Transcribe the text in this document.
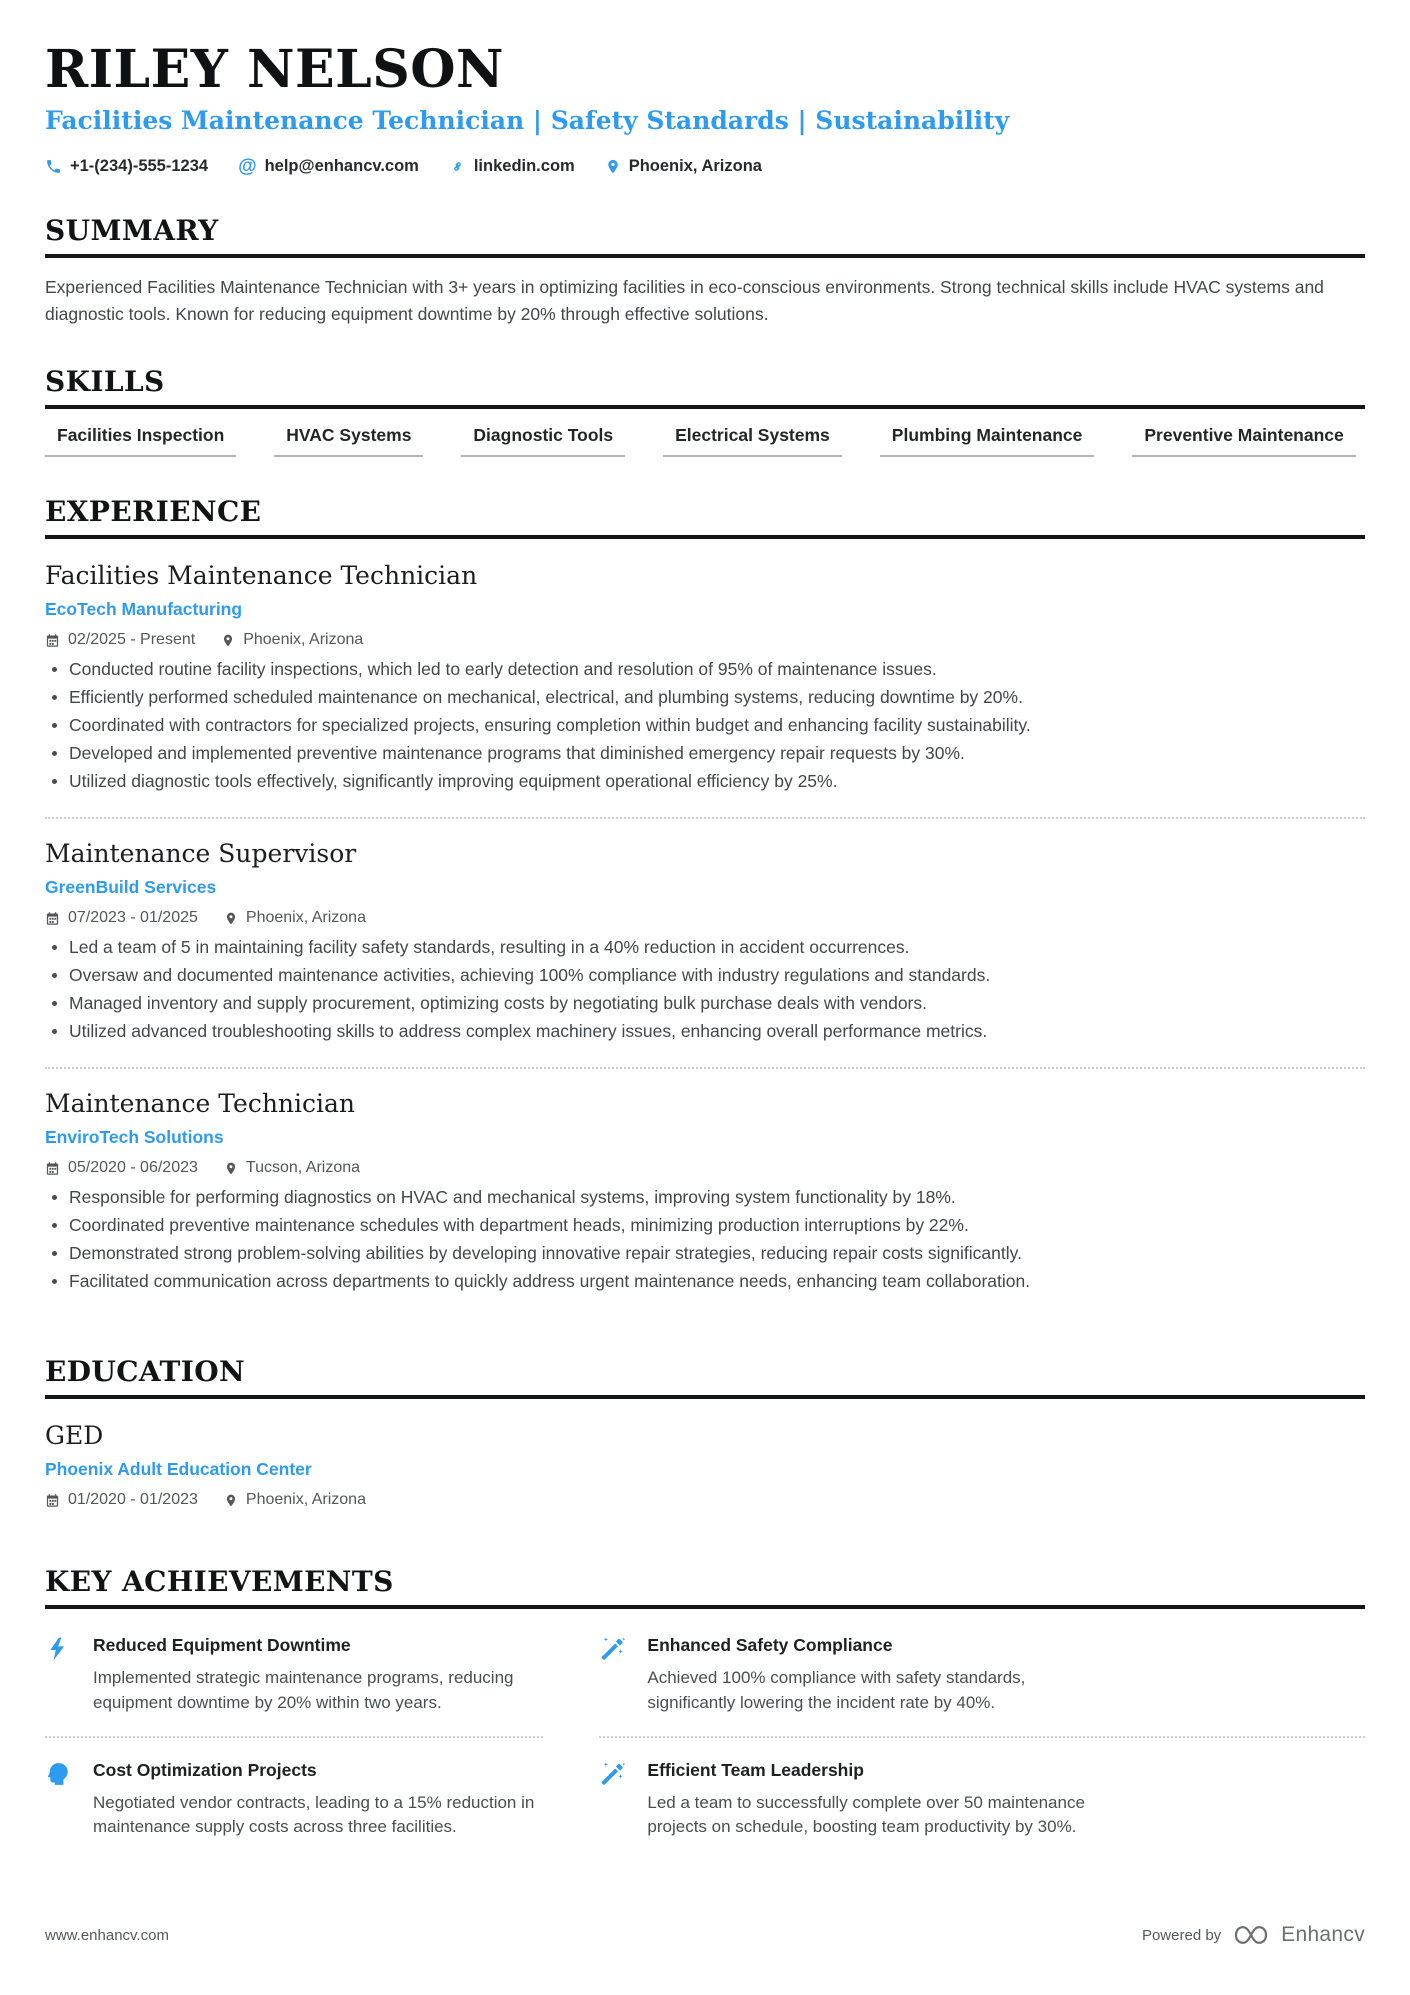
RILEY NELSON
Facilities Maintenance Technician | Safety Standards | Sustainability
+1-(234)-555-1234 @ help@enhancv.com	linkedin.com	Phoenix, Arizona
SUMMARY

Experienced Facilities Maintenance Technician with 3+ years in optimizing facilities in eco-conscious environments. Strong technical skills include HVAC systems and diagnostic tools. Known for reducing equipment downtime by 20% through effective solutions.

SKILLS
Facilities Inspection	HVAC Systems	Diagnostic Tools	Electrical Systems	Plumbing Maintenance	Preventive Maintenance
EXPERIENCE
Facilities Maintenance Technician
EcoTech Manufacturing
02/2025 - Present	Phoenix, Arizona
Conducted routine facility inspections, which led to early detection and resolution of 95% of maintenance issues.
Efficiently performed scheduled maintenance on mechanical, electrical, and plumbing systems, reducing downtime by 20%.
Coordinated with contractors for specialized projects, ensuring completion within budget and enhancing facility sustainability.
Developed and implemented preventive maintenance programs that diminished emergency repair requests by 30%.
Utilized diagnostic tools effectively, significantly improving equipment operational efficiency by 25%.
Maintenance Supervisor
GreenBuild Services
07/2023 - 01/2025	Phoenix, Arizona
Led a team of 5 in maintaining facility safety standards, resulting in a 40% reduction in accident occurrences.
Oversaw and documented maintenance activities, achieving 100% compliance with industry regulations and standards.
Managed inventory and supply procurement, optimizing costs by negotiating bulk purchase deals with vendors.
Utilized advanced troubleshooting skills to address complex machinery issues, enhancing overall performance metrics.
Maintenance Technician
EnviroTech Solutions
05/2020 - 06/2023	Tucson, Arizona
Responsible for performing diagnostics on HVAC and mechanical systems, improving system functionality by 18%.
Coordinated preventive maintenance schedules with department heads, minimizing production interruptions by 22%.
Demonstrated strong problem-solving abilities by developing innovative repair strategies, reducing repair costs significantly.
Facilitated communication across departments to quickly address urgent maintenance needs, enhancing team collaboration.
EDUCATION
GED
Phoenix Adult Education Center
01/2020 - 01/2023	Phoenix, Arizona
KEY ACHIEVEMENTS
Reduced Equipment Downtime

Implemented strategic maintenance programs, reducing equipment downtime by 20% within two years.

Enhanced Safety Compliance

Achieved 100% compliance with safety standards, significantly lowering the incident rate by 40%.

Cost Optimization Projects

Negotiated vendor contracts, leading to a 15% reduction in maintenance supply costs across three facilities.

Efficient Team Leadership

Led a team to successfully complete over 50 maintenance projects on schedule, boosting team productivity by 30%.

www.enhancv.com	Powered by	Enhancv
